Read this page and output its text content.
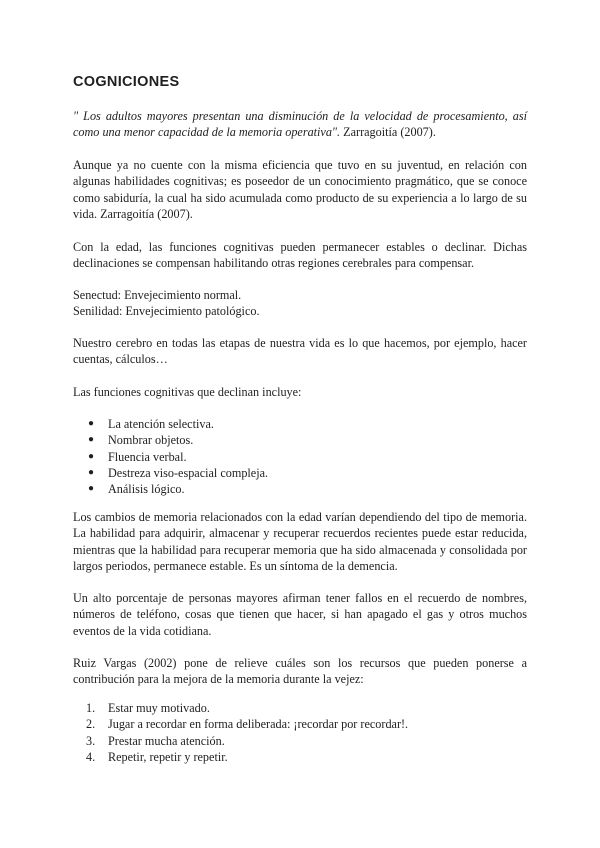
COGNICIONES

" Los adultos mayores presentan una disminución de la velocidad de procesamiento, así como una menor capacidad de la memoria operativa". Zarragoitía (2007).

Aunque ya no cuente con la misma eficiencia que tuvo en su juventud, en relación con algunas habilidades cognitivas; es poseedor de un conocimiento pragmático, que se conoce como sabiduría, la cual ha sido acumulada como producto de su experiencia a lo largo de su vida. Zarragoitía (2007).

Con la edad, las funciones cognitivas pueden permanecer estables o declinar. Dichas declinaciones se compensan habilitando otras regiones cerebrales para compensar.

Senectud: Envejecimiento normal.

Senilidad: Envejecimiento patológico.

Nuestro cerebro en todas las etapas de nuestra vida es lo que hacemos, por ejemplo, hacer cuentas, cálculos…

Las funciones cognitivas que declinan incluye:

● La atención selectiva.
● Nombrar objetos.
● Fluencia verbal.
● Destreza viso-espacial compleja.
● Análisis lógico.

Los cambios de memoria relacionados con la edad varían dependiendo del tipo de memoria. La habilidad para adquirir, almacenar y recuperar recuerdos recientes puede estar reducida, mientras que la habilidad para recuperar memoria que ha sido almacenada y consolidada por largos periodos, permanece estable. Es un síntoma de la demencia.

Un alto porcentaje de personas mayores afirman tener fallos en el recuerdo de nombres, números de teléfono, cosas que tienen que hacer, si han apagado el gas y otros muchos eventos de la vida cotidiana.

Ruiz Vargas (2002) pone de relieve cuáles son los recursos que pueden ponerse a contribución para la mejora de la memoria durante la vejez:

1. Estar muy motivado.
2. Jugar a recordar en forma deliberada: ¡recordar por recordar!.
3. Prestar mucha atención.
4. Repetir, repetir y repetir.
